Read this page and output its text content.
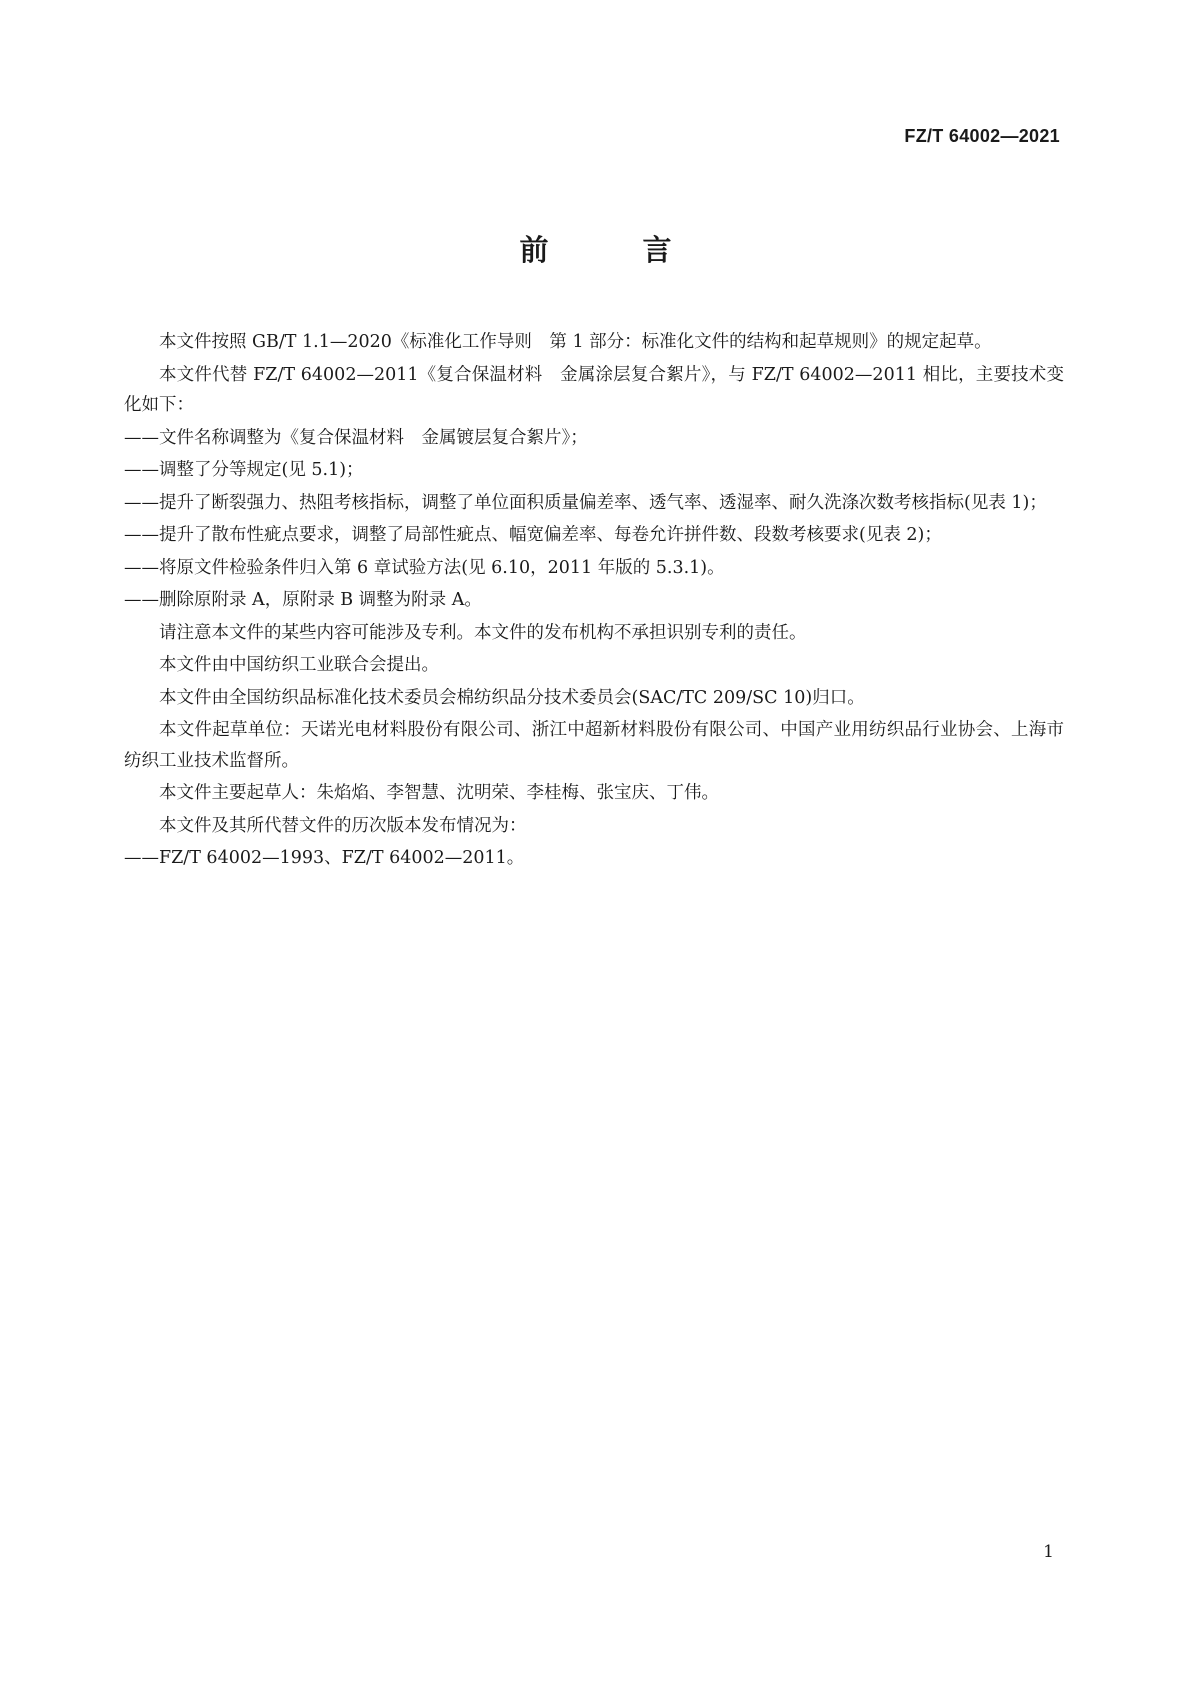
FZ/T 64002—2021
前 言

本文件按照 GB/T 1.1—2020《标准化工作导则　第 1 部分：标准化文件的结构和起草规则》的规定起草。

本文件代替 FZ/T 64002—2011《复合保温材料　金属涂层复合絮片》，与 FZ/T 64002—2011 相比，主要技术变化如下：

——文件名称调整为《复合保温材料　金属镀层复合絮片》；

——调整了分等规定(见 5.1)；

——提升了断裂强力、热阻考核指标，调整了单位面积质量偏差率、透气率、透湿率、耐久洗涤次数考核指标(见表 1)；

——提升了散布性疵点要求，调整了局部性疵点、幅宽偏差率、每卷允许拼件数、段数考核要求(见表 2)；

——将原文件检验条件归入第 6 章试验方法(见 6.10，2011 年版的 5.3.1)。

——删除原附录 A，原附录 B 调整为附录 A。

请注意本文件的某些内容可能涉及专利。本文件的发布机构不承担识别专利的责任。

本文件由中国纺织工业联合会提出。

本文件由全国纺织品标准化技术委员会棉纺织品分技术委员会(SAC/TC 209/SC 10)归口。

本文件起草单位：天诺光电材料股份有限公司、浙江中超新材料股份有限公司、中国产业用纺织品行业协会、上海市纺织工业技术监督所。

本文件主要起草人：朱焰焰、李智慧、沈明荣、李桂梅、张宝庆、丁伟。

本文件及其所代替文件的历次版本发布情况为：

——FZ/T 64002—1993、FZ/T 64002—2011。

1
